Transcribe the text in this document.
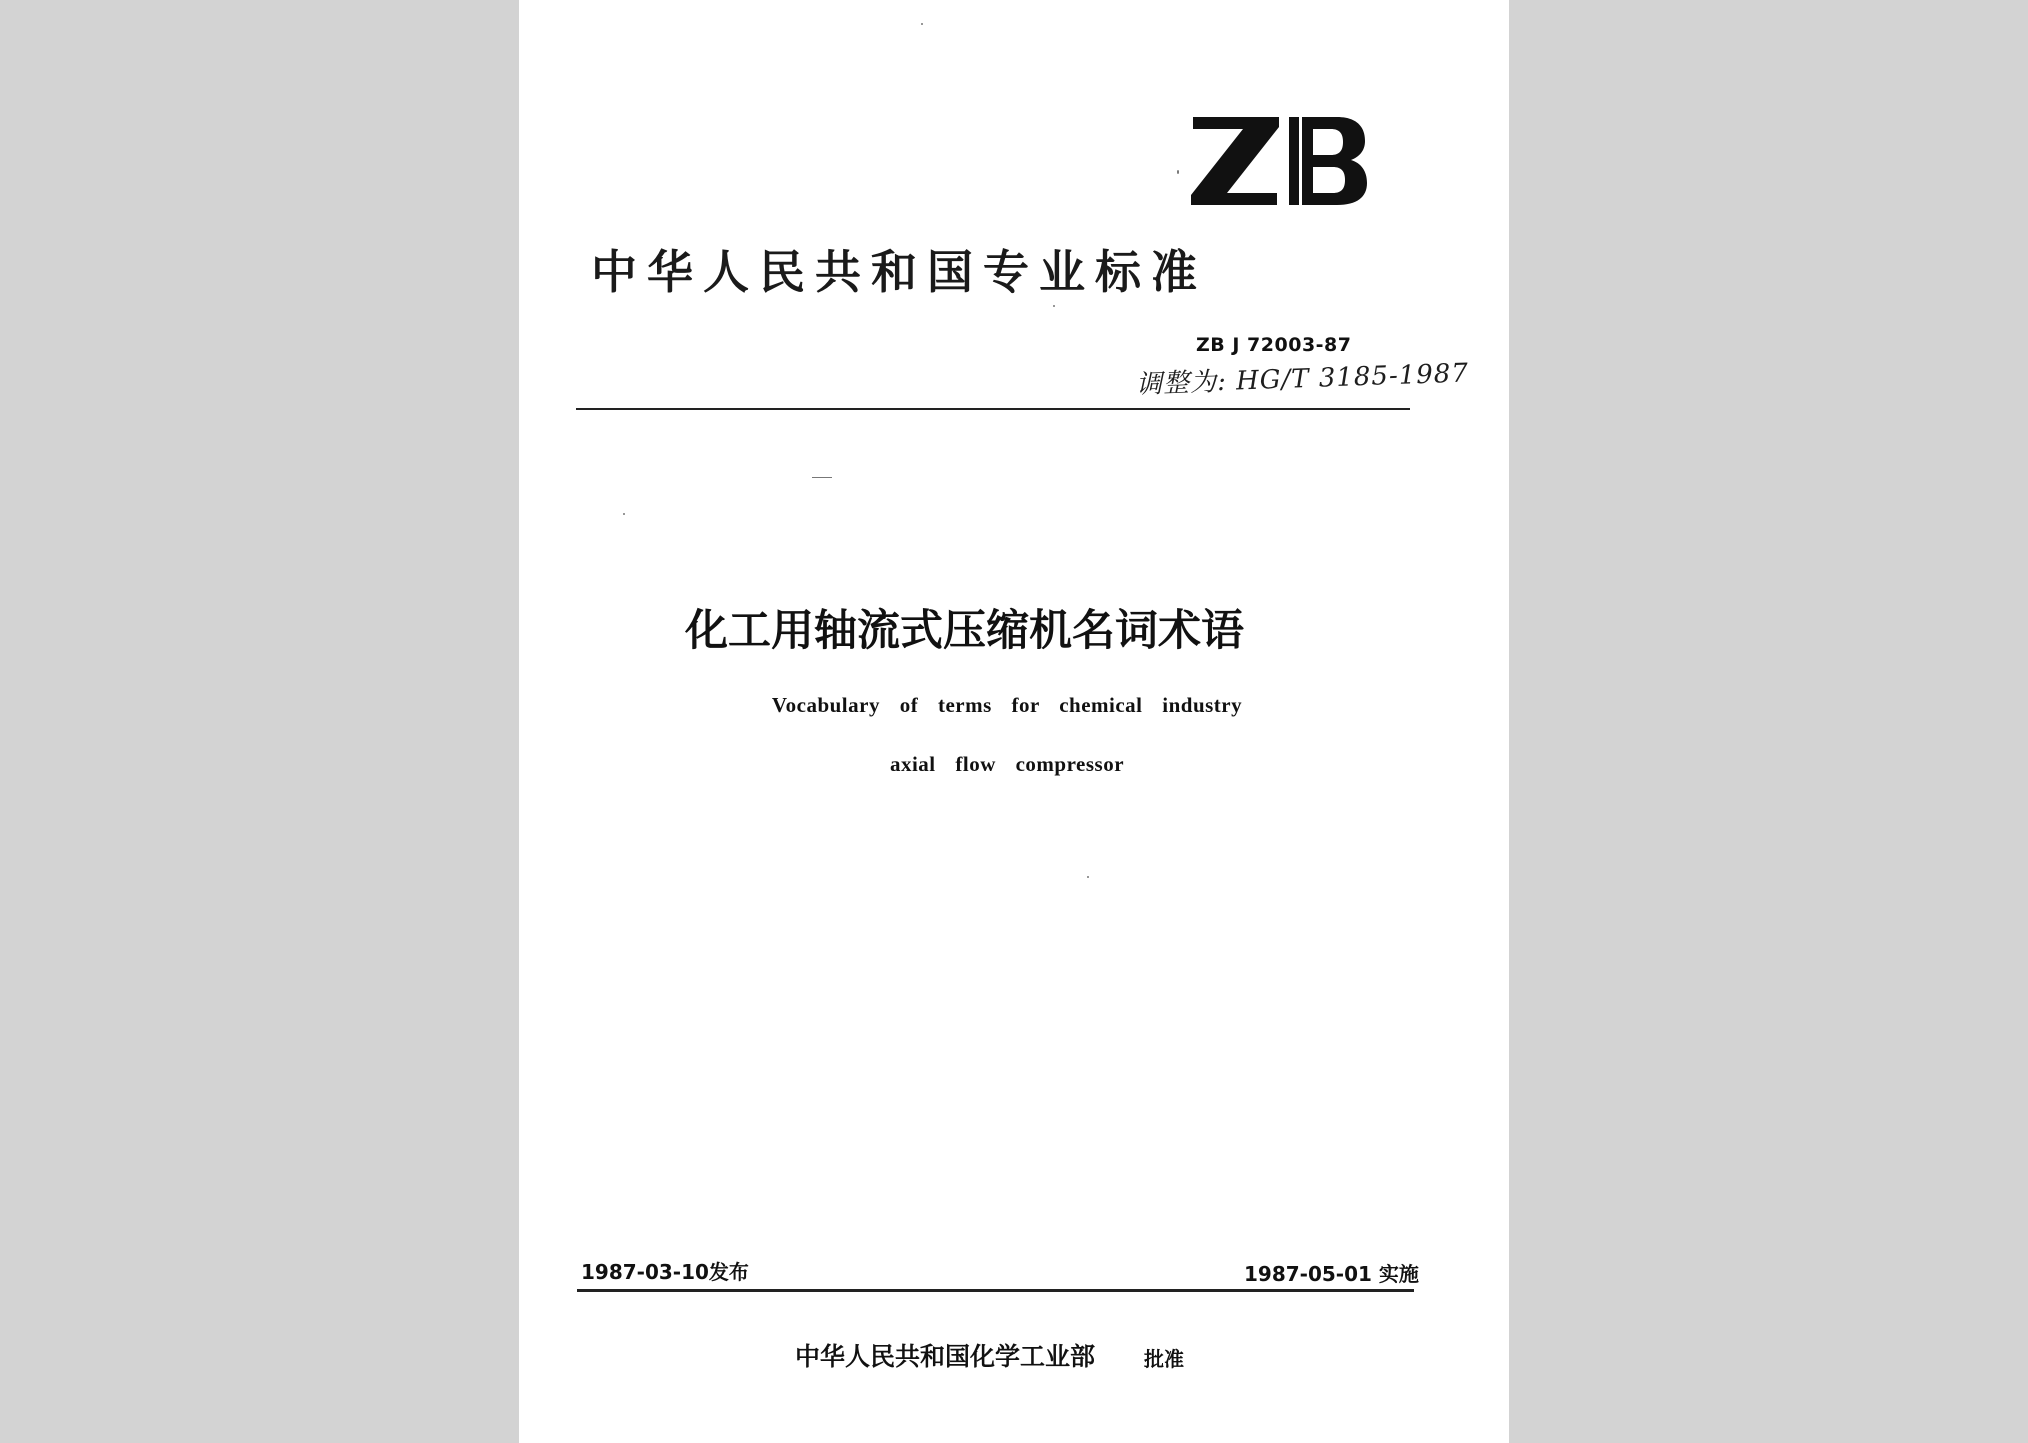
中华人民共和国专业标准
ZB J 72003-87
调整为: HG/T 3185-1987
化工用轴流式压缩机名词术语
Vocabulary of terms for chemical industry
axial flow compressor
1987-03-10发布	1987-05-01 实施
中华人民共和国化学工业部 批准
